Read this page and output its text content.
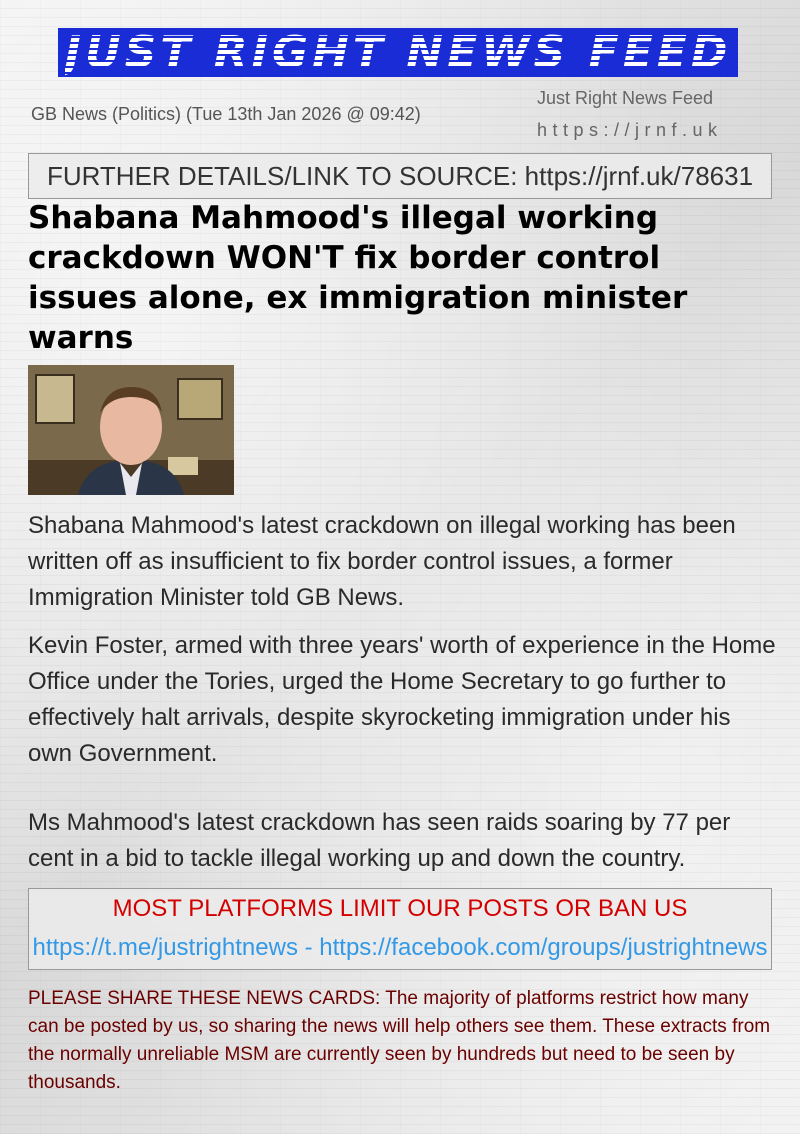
JUST RIGHT NEWS FEED
GB News (Politics) (Tue 13th Jan 2026 @ 09:42)
Just Right News Feed
https://jrnf.uk
FURTHER DETAILS/LINK TO SOURCE: https://jrnf.uk/78631
Shabana Mahmood's illegal working crackdown WON'T fix border control issues alone, ex immigration minister warns

Shabana Mahmood's latest crackdown on illegal working has been written off as insufficient to fix border control issues, a former Immigration Minister told GB News.

Kevin Foster, armed with three years' worth of experience in the Home Office under the Tories, urged the Home Secretary to go further to effectively halt arrivals, despite skyrocketing immigration under his own Government.

Ms Mahmood's latest crackdown has seen raids soaring by 77 per cent in a bid to tackle illegal working up and down the country.

MOST PLATFORMS LIMIT OUR POSTS OR BAN US
https://t.me/justrightnews - https://facebook.com/groups/justrightnews

PLEASE SHARE THESE NEWS CARDS: The majority of platforms restrict how many can be posted by us, so sharing the news will help others see them. These extracts from the normally unreliable MSM are currently seen by hundreds but need to be seen by thousands.
